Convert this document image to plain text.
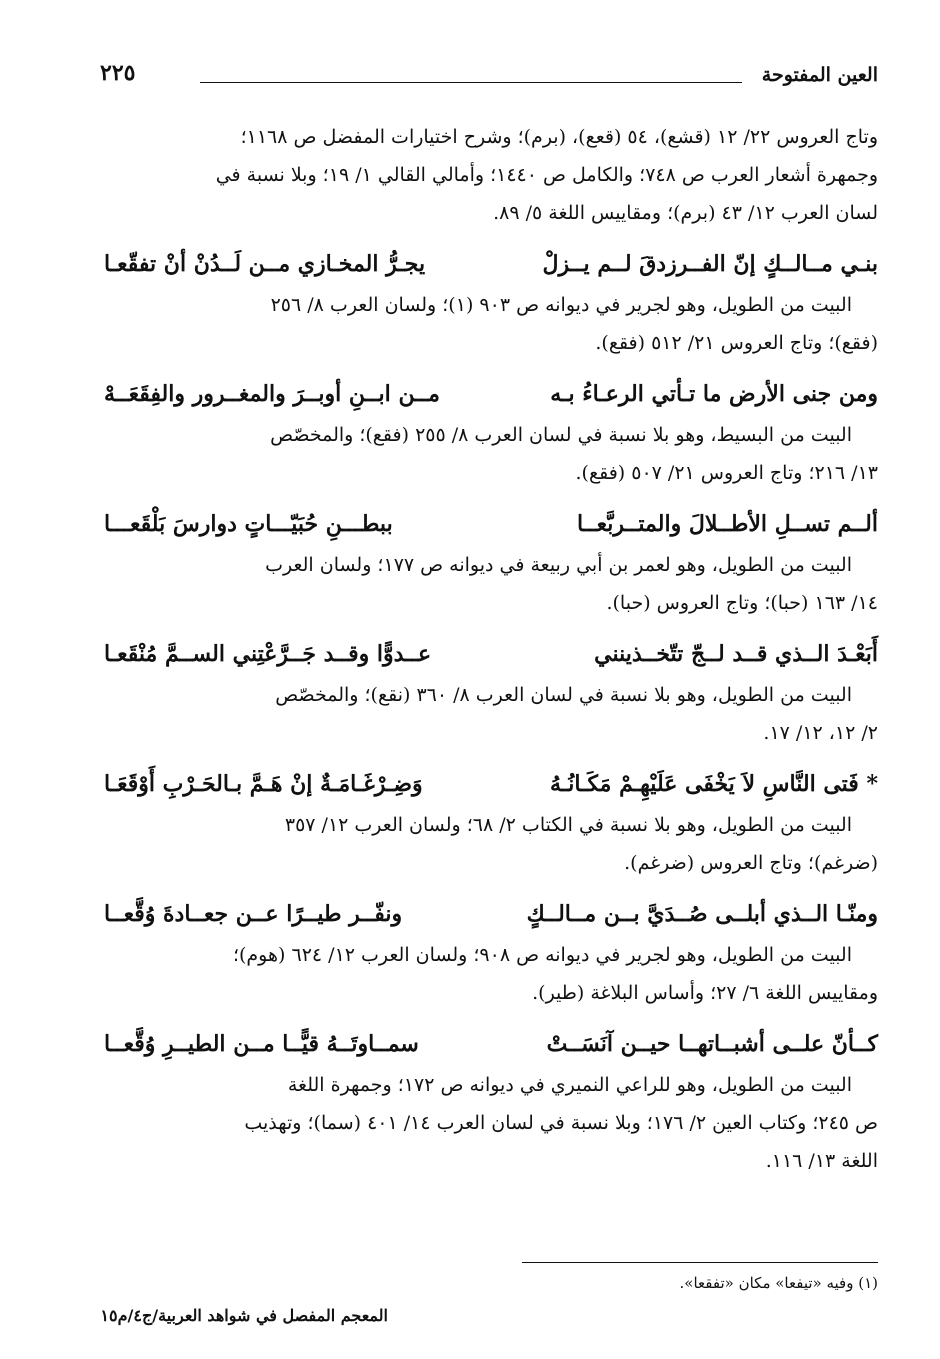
العين المفتوحة
٢٢٥

وتاج العروس ٢٢/ ١٢ (قشع)، ٥٤ (قعع)، (برم)؛ وشرح اختيارات المفضل ص ١١٦٨؛

وجمهرة أشعار العرب ص ٧٤٨؛ والكامل ص ١٤٤٠؛ وأمالي القالي ١/ ١٩؛ وبلا نسبة في

لسان العرب ١٢/ ٤٣ (برم)؛ ومقاييس اللغة ٥/ ٨٩.

بنـي مــالــكٍ إنّ الفــرزدقَ لــم يــزلْ
يجـرُّ المخـازي مــن لَــدُنْ أنْ تفقّعـا

البيت من الطويل، وهو لجرير في ديوانه ص ٩٠٣ (١)؛ ولسان العرب ٨/ ٢٥٦

(فقع)؛ وتاج العروس ٢١/ ٥١٢ (فقع).

ومن جنى الأرض ما تـأتي الرعـاءُ بـه
مــن ابــنِ أوبــرَ والمغــرور والفِقَعَــهْ

البيت من البسيط، وهو بلا نسبة في لسان العرب ٨/ ٢٥٥ (فقع)؛ والمخصّص

١٣/ ٢١٦؛ وتاج العروس ٢١/ ٥٠٧ (فقع).

ألــم تســلِ الأطــلالَ والمتــربَّعــا
ببطـــنِ حُبَيّـــاتٍ دوارسَ بَلْقَعـــا

البيت من الطويل، وهو لعمر بن أبي ربيعة في ديوانه ص ١٧٧؛ ولسان العرب

١٤/ ١٦٣ (حبا)؛ وتاج العروس (حبا).

أَبَعْـدَ الــذي قــد لــجّ تتّخــذينني
عــدوًّا وقــد جَــرَّعْتِني الســمَّ مُنْقَعـا

البيت من الطويل، وهو بلا نسبة في لسان العرب ٨/ ٣٦٠ (نقع)؛ والمخصّص

٢/ ١٢، ١٢/ ١٧.

* فَتى النَّاسِ لاَ يَخْفَى عَلَيْهِـمْ مَكَـانُـهُ
وَضِـرْغَـامَـةٌ إنْ هَـمَّ بـالحَـرْبِ أَوْقَعَـا

البيت من الطويل، وهو بلا نسبة في الكتاب ٢/ ٦٨؛ ولسان العرب ١٢/ ٣٥٧

(ضرغم)؛ وتاج العروس (ضرغم).

ومنّـا الــذي أبلــى صُــدَيَّ بــن مــالــكٍ
ونفّــر طيــرًا عــن جعــادةَ وُقَّعــا

البيت من الطويل، وهو لجرير في ديوانه ص ٩٠٨؛ ولسان العرب ١٢/ ٦٢٤ (هوم)؛

ومقاييس اللغة ٦/ ٢٧؛ وأساس البلاغة (طير).

كــأنّ علــى أشبــاتهــا حيــن آنَسَــتْ
سمــاوتَــهُ قيًّــا مــن الطيــرِ وُقَّعــا

البيت من الطويل، وهو للراعي النميري في ديوانه ص ١٧٢؛ وجمهرة اللغة

ص ٢٤٥؛ وكتاب العين ٢/ ١٧٦؛ وبلا نسبة في لسان العرب ١٤/ ٤٠١ (سما)؛ وتهذيب

اللغة ١٣/ ١١٦.

(١) وفيه «تيفعا» مكان «تفقعا».
المعجم المفصل في شواهد العربية/ج٤/م١٥
